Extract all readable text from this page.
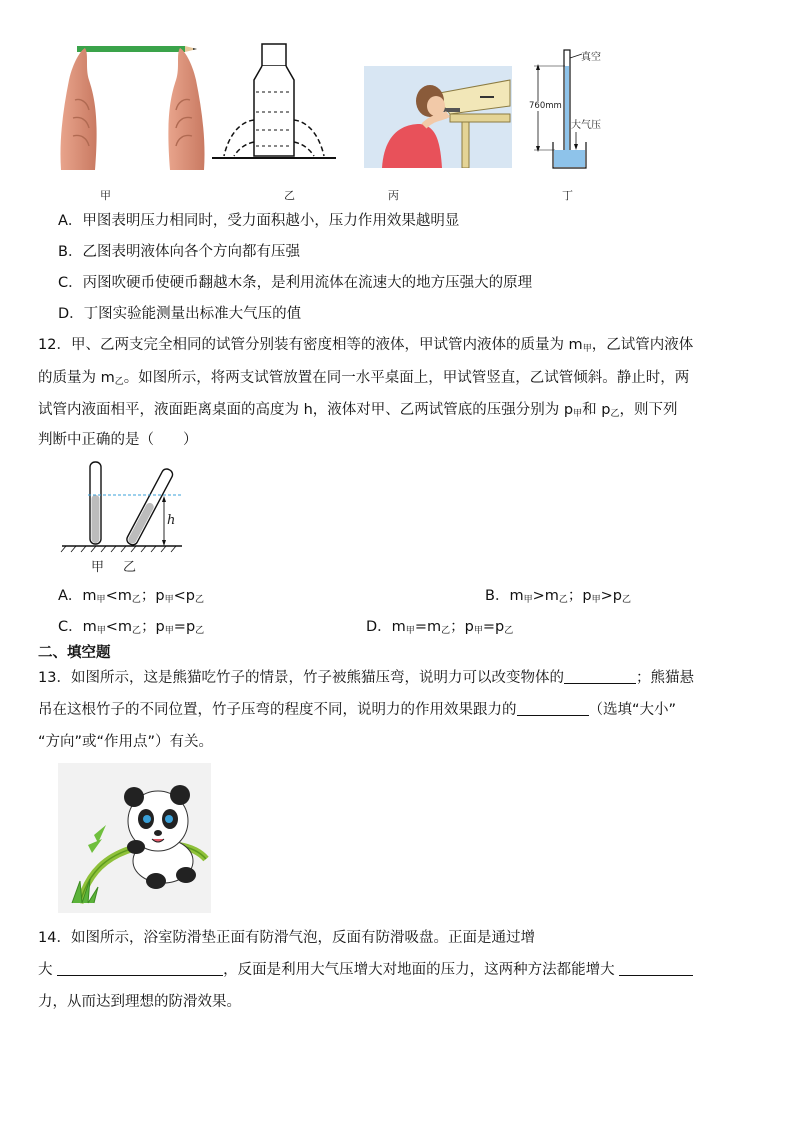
甲	乙	丙
真空
760mm
大气压
丁
A．甲图表明压力相同时，受力面积越小，压力作用效果越明显
B．乙图表明液体向各个方向都有压强
C．丙图吹硬币使硬币翻越木条，是利用流体在流速大的地方压强大的原理
D．丁图实验能测量出标准大气压的值
12．甲、乙两支完全相同的试管分别装有密度相等的液体，甲试管内液体的质量为 $m_甲$，乙试管内液体
的质量为 $m_乙$。如图所示，将两支试管放置在同一水平桌面上，甲试管竖直，乙试管倾斜。静止时，两
试管内液面相平，液面距离桌面的高度为 h，液体对甲、乙两试管底的压强分别为 $p_甲$和 $p_乙$，则下列
判断中正确的是（　　）
h
甲 乙
A．$m_甲<m_乙$；$p_甲<p_乙$	B．$m_甲>m_乙$；$p_甲>p_乙$
C．$m_甲<m_乙$；$p_甲=p_乙$	D．$m_甲=m_乙$；$p_甲=p_乙$
二、填空题
13．如图所示，这是熊猫吃竹子的情景，竹子被熊猫压弯，说明力可以改变物体的	；熊猫悬
吊在这根竹子的不同位置，竹子压弯的程度不同，说明力的作用效果跟力的	（选填“大小”
“方向”或“作用点”）有关。
14．如图所示，浴室防滑垫正面有防滑气泡，反面有防滑吸盘。正面是通过增
大	，反面是利用大气压增大对地面的压力，这两种方法都能增大
力，从而达到理想的防滑效果。
